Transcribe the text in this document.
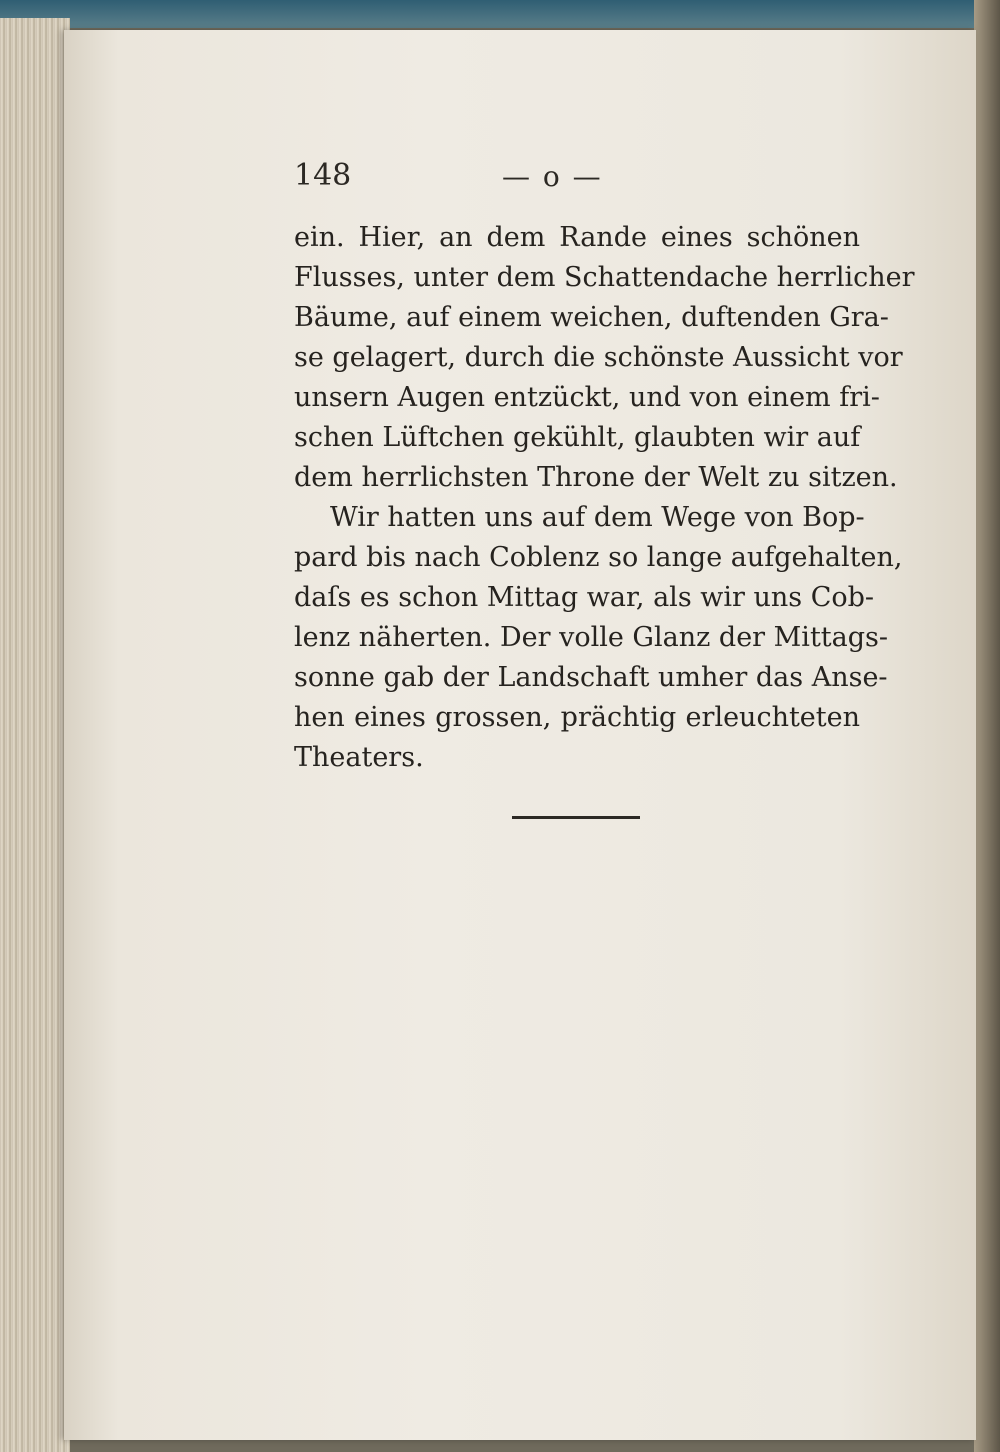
148	— o —
ein. Hier, an dem Rande eines schönen
Flusses, unter dem Schattendache herrlicher
Bäume, auf einem weichen, duftenden Gra-
se gelagert, durch die schönste Aussicht vor
unsern Augen entzückt, und von einem fri-
schen Lüftchen gekühlt, glaubten wir auf
dem herrlichsten Throne der Welt zu sitzen.
Wir hatten uns auf dem Wege von Bop-
pard bis nach Coblenz so lange aufgehalten,
daſs es schon Mittag war, als wir uns Cob-
lenz näherten. Der volle Glanz der Mittags-
sonne gab der Landschaft umher das Anse-
hen eines grossen, prächtig erleuchteten
Theaters.
